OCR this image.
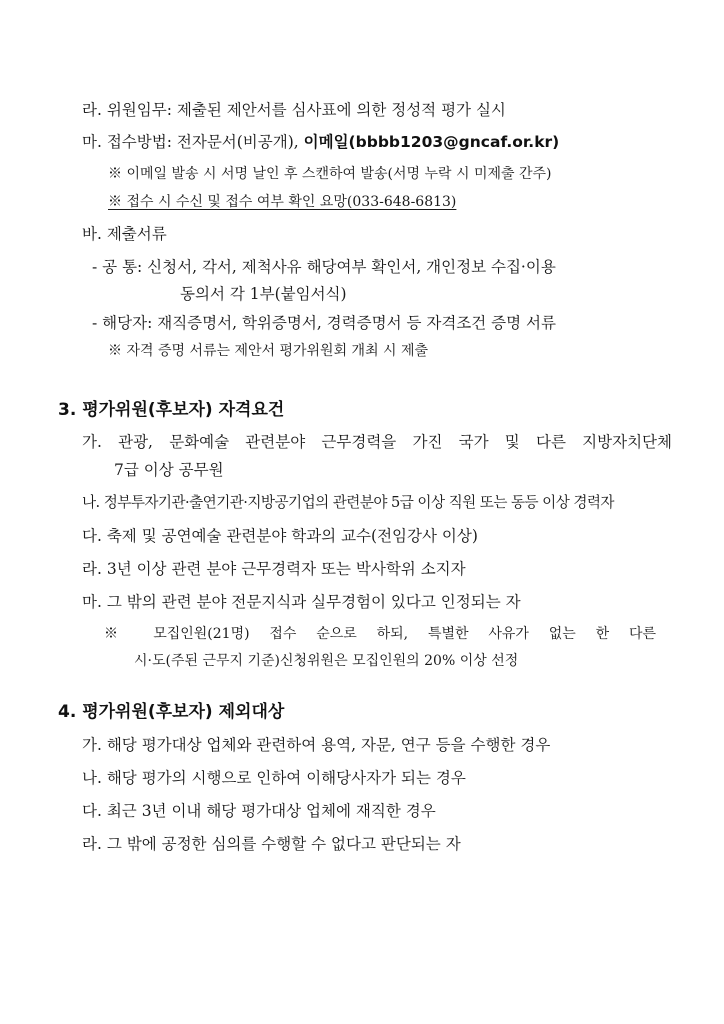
라. 위원임무: 제출된 제안서를 심사표에 의한 정성적 평가 실시

마. 접수방법: 전자문서(비공개), 이메일(bbbb1203@gncaf.or.kr)

※ 이메일 발송 시 서명 날인 후 스캔하여 발송(서명 누락 시 미제출 간주)

※ 접수 시 수신 및 접수 여부 확인 요망(033-648-6813)

바. 제출서류

- 공 통: 신청서, 각서, 제척사유 해당여부 확인서, 개인정보 수집·이용

동의서 각 1부(붙임서식)

- 해당자: 재직증명서, 학위증명서, 경력증명서 등 자격조건 증명 서류

※ 자격 증명 서류는 제안서 평가위원회 개최 시 제출

3. 평가위원(후보자) 자격요건

가. 관광, 문화예술 관련분야 근무경력을 가진 국가 및 다른 지방자치단체

7급 이상 공무원

나. 정부투자기관·출연기관·지방공기업의 관련분야 5급 이상 직원 또는 동등 이상 경력자

다. 축제 및 공연예술 관련분야 학과의 교수(전임강사 이상)

라. 3년 이상 관련 분야 근무경력자 또는 박사학위 소지자

마. 그 밖의 관련 분야 전문지식과 실무경험이 있다고 인정되는 자

※ 모집인원(21명) 접수 순으로 하되, 특별한 사유가 없는 한 다른

시·도(주된 근무지 기준)신청위원은 모집인원의 20% 이상 선정

4. 평가위원(후보자) 제외대상

가. 해당 평가대상 업체와 관련하여 용역, 자문, 연구 등을 수행한 경우

나. 해당 평가의 시행으로 인하여 이해당사자가 되는 경우

다. 최근 3년 이내 해당 평가대상 업체에 재직한 경우

라. 그 밖에 공정한 심의를 수행할 수 없다고 판단되는 자
